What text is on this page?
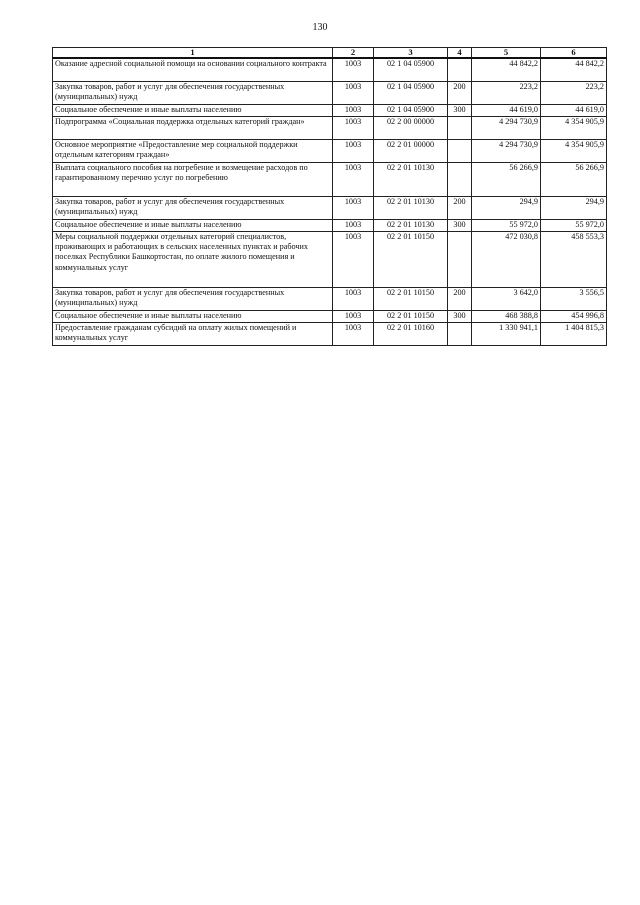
130
1	2	3	4	5	6
Оказание адресной социальной помощи на основании социального контракта	1003	02 1 04 05900		44 842,2	44 842,2
Закупка товаров, работ и услуг для обеспечения государственных (муниципальных) нужд	1003	02 1 04 05900	200	223,2	223,2
Социальное обеспечение и иные выплаты населению	1003	02 1 04 05900	300	44 619,0	44 619,0
Подпрограмма «Социальная поддержка отдельных категорий граждан»	1003	02 2 00 00000		4 294 730,9	4 354 905,9
Основное мероприятие «Предоставление мер социальной поддержки отдельным категориям граждан»	1003	02 2 01 00000		4 294 730,9	4 354 905,9
Выплата социального пособия на погребение и возмещение расходов по гарантированному перечню услуг по погребению	1003	02 2 01 10130		56 266,9	56 266,9
Закупка товаров, работ и услуг для обеспечения государственных (муниципальных) нужд	1003	02 2 01 10130	200	294,9	294,9
Социальное обеспечение и иные выплаты населению	1003	02 2 01 10130	300	55 972,0	55 972,0
Меры социальной поддержки отдельных категорий специалистов, проживающих и работающих в сельских населенных пунктах и рабочих поселках Республики Башкортостан, по оплате жилого помещения и коммунальных услуг	1003	02 2 01 10150		472 030,8	458 553,3
Закупка товаров, работ и услуг для обеспечения государственных (муниципальных) нужд	1003	02 2 01 10150	200	3 642,0	3 556,5
Социальное обеспечение и иные выплаты населению	1003	02 2 01 10150	300	468 388,8	454 996,8
Предоставление гражданам субсидий на оплату жилых помещений и коммунальных услуг	1003	02 2 01 10160		1 330 941,1	1 404 815,3
